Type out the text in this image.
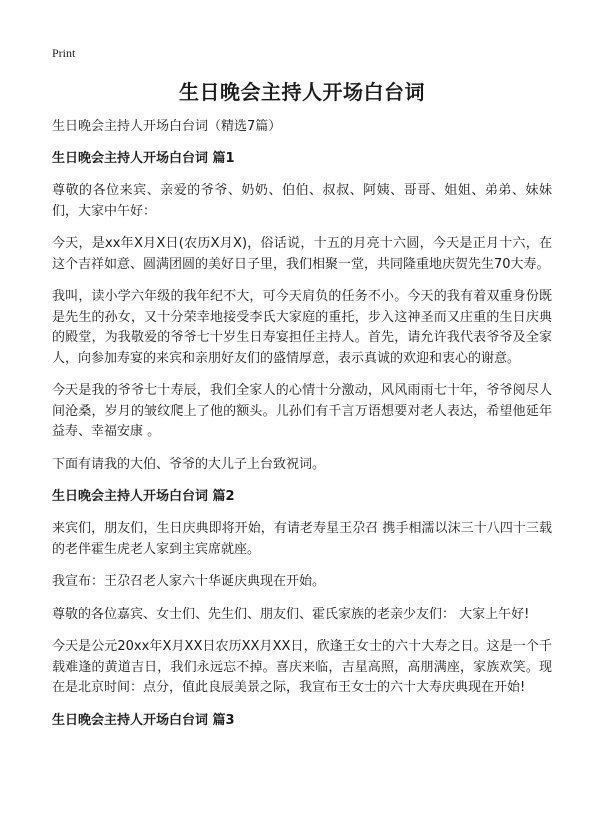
Print
生日晚会主持人开场白台词

生日晚会主持人开场白台词（精选7篇）

生日晚会主持人开场白台词 篇1

尊敬的各位来宾、亲爱的爷爷、奶奶、伯伯、叔叔、阿姨、哥哥、姐姐、弟弟、妹妹们，大家中午好：

今天，是xx年X月X日(农历X月X)，俗话说，十五的月亮十六圆，今天是正月十六，在这个吉祥如意、圆满团圆的美好日子里，我们相聚一堂，共同隆重地庆贺先生70大寿。

我叫，读小学六年级的我年纪不大，可今天肩负的任务不小。今天的我有着双重身份既是先生的孙女，又十分荣幸地接受李氏大家庭的重托，步入这神圣而又庄重的生日庆典的殿堂，为我敬爱的爷爷七十岁生日寿宴担任主持人。首先，请允许我代表爷爷及全家人，向参加寿宴的来宾和亲朋好友们的盛情厚意，表示真诚的欢迎和衷心的谢意。

今天是我的爷爷七十寿辰，我们全家人的心情十分激动，风风雨雨七十年，爷爷阅尽人间沧桑，岁月的皱纹爬上了他的额头。儿孙们有千言万语想要对老人表达，希望他延年益寿、幸福安康 。

下面有请我的大伯、爷爷的大儿子上台致祝词。

生日晚会主持人开场白台词 篇2

来宾们，朋友们，生日庆典即将开始，有请老寿星王尕召 携手相濡以沫三十八四十三载的老伴霍生虎老人家到主宾席就座。

我宣布：王尕召老人家六十华诞庆典现在开始。

尊敬的各位嘉宾、女士们、先生们、朋友们、霍氏家族的老亲少友们： 大家上午好!

今天是公元20xx年X月XX日农历XX月XX日，欣逢王女士的六十大寿之日。这是一个千载难逢的黄道吉日，我们永远忘不掉。喜庆来临，吉星高照，高朋满座，家族欢笑。现在是北京时间：点分，值此良辰美景之际，我宣布王女士的六十大寿庆典现在开始!

生日晚会主持人开场白台词 篇3
